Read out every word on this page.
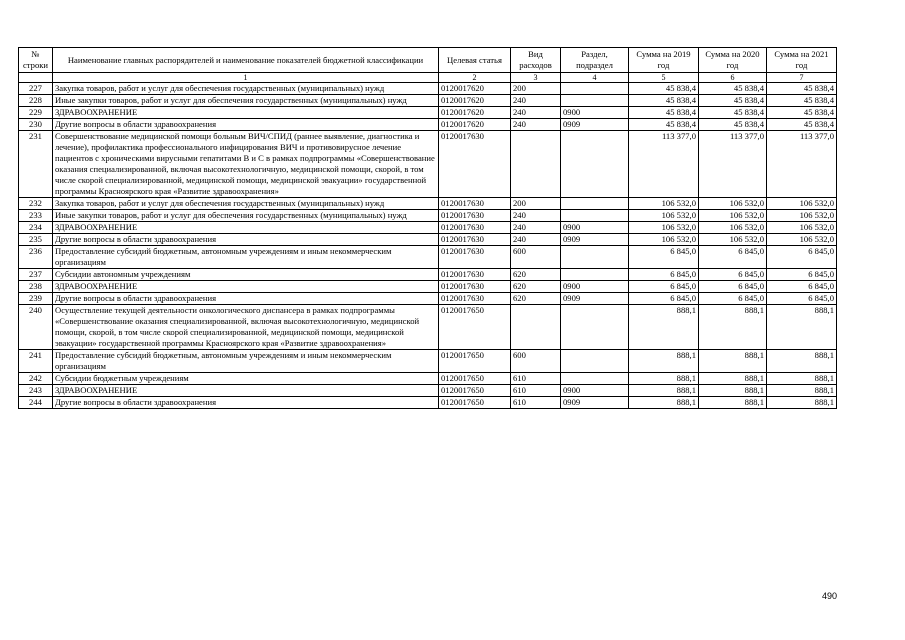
№ строки	Наименование главных распорядителей и наименование показателей бюджетной классификации	Целевая статья	Вид расходов	Раздел, подраздел	Сумма на 2019 год	Сумма на 2020 год	Сумма на 2021 год
	1	2	3	4	5	6	7
227	Закупка товаров, работ и услуг для обеспечения государственных (муниципальных) нужд	0120017620	200		45 838,4	45 838,4	45 838,4
228	Иные закупки товаров, работ и услуг для обеспечения государственных (муниципальных) нужд	0120017620	240		45 838,4	45 838,4	45 838,4
229	ЗДРАВООХРАНЕНИЕ	0120017620	240	0900	45 838,4	45 838,4	45 838,4
230	Другие вопросы в области здравоохранения	0120017620	240	0909	45 838,4	45 838,4	45 838,4
231	Совершенствование медицинской помощи больным ВИЧ/СПИД (раннее выявление, диагностика и лечение), профилактика профессионального инфицирования ВИЧ и противовирусное лечение пациентов с хроническими вирусными гепатитами В и С в рамках подпрограммы «Совершенствование оказания специализированной, включая высокотехнологичную, медицинской помощи, скорой, в том числе скорой специализированной, медицинской помощи, медицинской эвакуации» государственной программы Красноярского края «Развитие здравоохранения»	0120017630			113 377,0	113 377,0	113 377,0
232	Закупка товаров, работ и услуг для обеспечения государственных (муниципальных) нужд	0120017630	200		106 532,0	106 532,0	106 532,0
233	Иные закупки товаров, работ и услуг для обеспечения государственных (муниципальных) нужд	0120017630	240		106 532,0	106 532,0	106 532,0
234	ЗДРАВООХРАНЕНИЕ	0120017630	240	0900	106 532,0	106 532,0	106 532,0
235	Другие вопросы в области здравоохранения	0120017630	240	0909	106 532,0	106 532,0	106 532,0
236	Предоставление субсидий бюджетным, автономным учреждениям и иным некоммерческим организациям	0120017630	600		6 845,0	6 845,0	6 845,0
237	Субсидии автономным учреждениям	0120017630	620		6 845,0	6 845,0	6 845,0
238	ЗДРАВООХРАНЕНИЕ	0120017630	620	0900	6 845,0	6 845,0	6 845,0
239	Другие вопросы в области здравоохранения	0120017630	620	0909	6 845,0	6 845,0	6 845,0
240	Осуществление текущей деятельности онкологического диспансера в рамках подпрограммы «Совершенствование оказания специализированной, включая высокотехнологичную, медицинской помощи, скорой, в том числе скорой специализированной, медицинской помощи, медицинской эвакуации» государственной программы Красноярского края «Развитие здравоохранения»	0120017650			888,1	888,1	888,1
241	Предоставление субсидий бюджетным, автономным учреждениям и иным некоммерческим организациям	0120017650	600		888,1	888,1	888,1
242	Субсидии бюджетным учреждениям	0120017650	610		888,1	888,1	888,1
243	ЗДРАВООХРАНЕНИЕ	0120017650	610	0900	888,1	888,1	888,1
244	Другие вопросы в области здравоохранения	0120017650	610	0909	888,1	888,1	888,1
490
